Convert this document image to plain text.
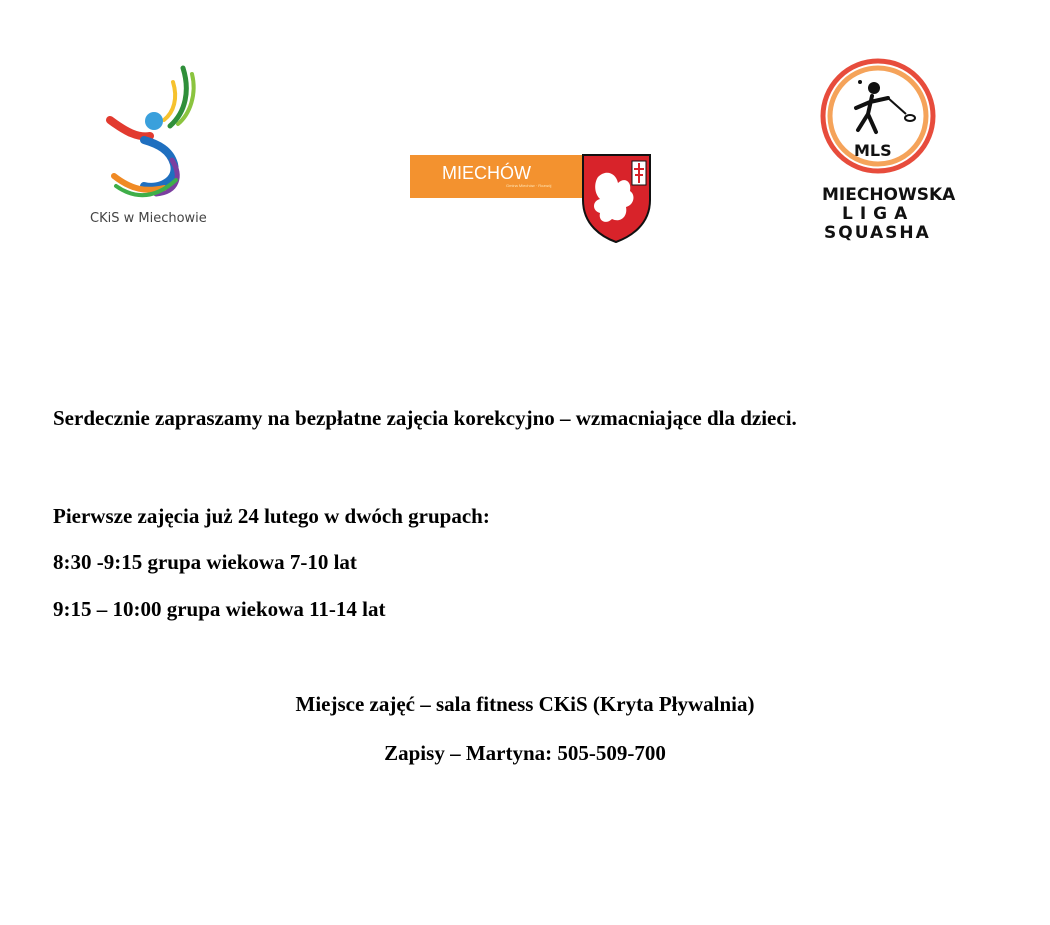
CKiS w Miechowie
MIECHÓW
Gmina Miechów · Rozwój
MLS
MIECHOWSKA
LIGA
SQUASHA

Serdecznie zapraszamy na bezpłatne zajęcia korekcyjno – wzmacniające dla dzieci.

Pierwsze zajęcia już 24 lutego w dwóch grupach:

8:30 -9:15 grupa wiekowa 7-10 lat

9:15 – 10:00 grupa wiekowa 11-14 lat

Miejsce zajęć – sala fitness CKiS (Kryta Pływalnia)

Zapisy – Martyna: 505-509-700
